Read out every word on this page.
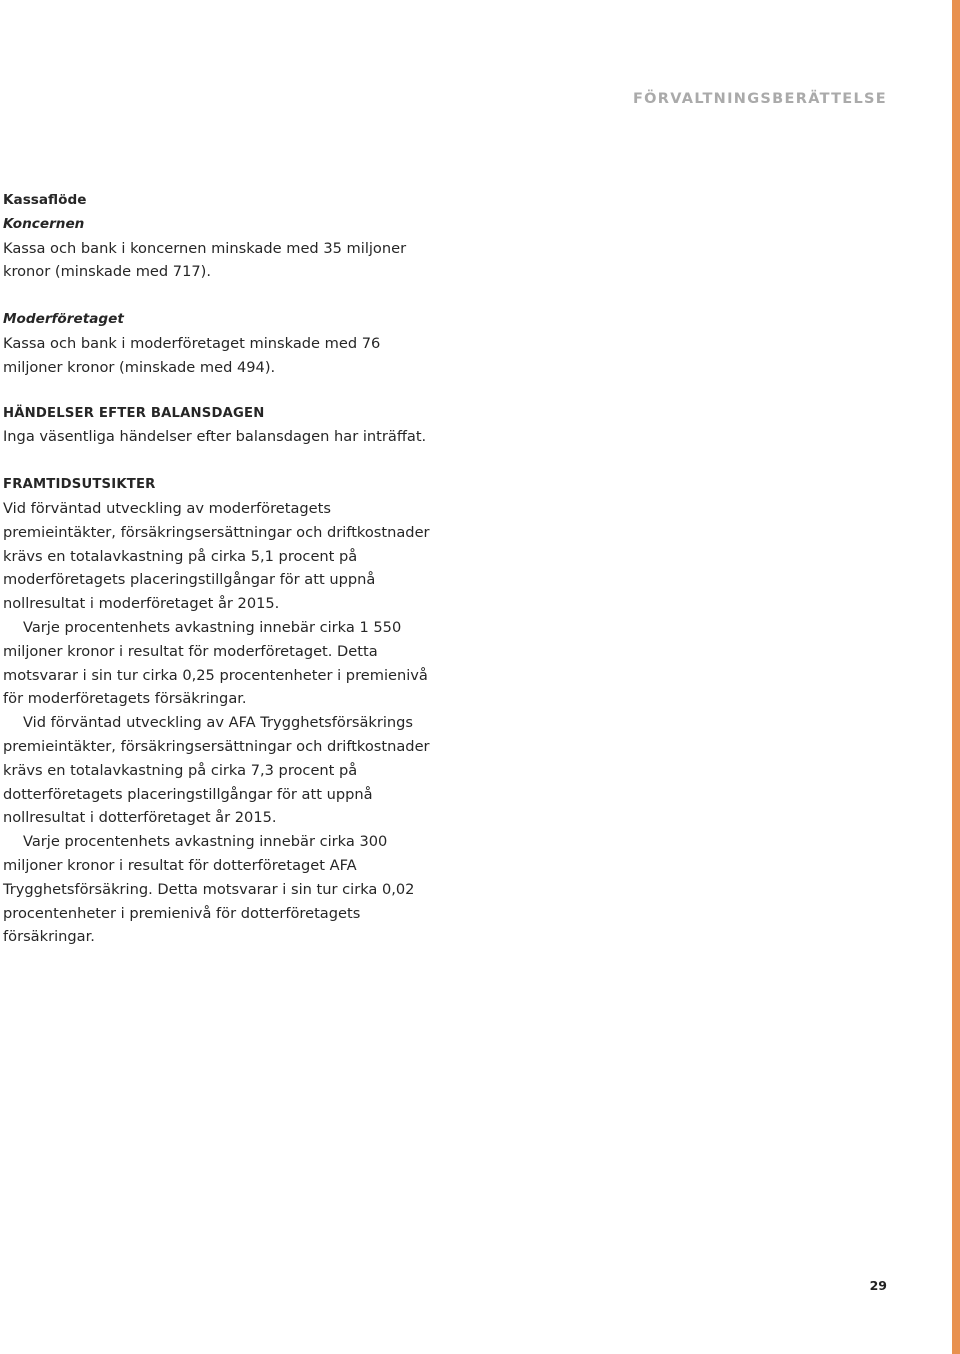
FÖRVALTNINGSBERÄTTELSE

Kassaflöde

Koncernen

Kassa och bank i koncernen minskade med 35 miljoner kronor (minskade med 717).

Moderföretaget

Kassa och bank i moderföretaget minskade med 76 miljoner kronor (minskade med 494).

HÄNDELSER EFTER BALANSDAGEN

Inga väsentliga händelser efter balansdagen har inträffat.

FRAMTIDSUTSIKTER

Vid förväntad utveckling av moderföretagets premieintäkter, försäkringsersättningar och driftkostnader krävs en totalavkastning på cirka 5,1 procent på moderföretagets placeringstillgångar för att uppnå nollresultat i moderföretaget år 2015.

Varje procentenhets avkastning innebär cirka 1 550 miljoner kronor i resultat för moderföretaget. Detta motsvarar i sin tur cirka 0,25 procentenheter i premienivå för moderföretagets försäkringar.

Vid förväntad utveckling av AFA Trygghetsförsäkrings premieintäkter, försäkringsersättningar och driftkostnader krävs en totalavkastning på cirka 7,3 procent på dotterföretagets placeringstillgångar för att uppnå nollresultat i dotterföretaget år 2015.

Varje procentenhets avkastning innebär cirka 300 miljoner kronor i resultat för dotterföretaget AFA Trygghetsförsäkring. Detta motsvarar i sin tur cirka 0,02 procentenheter i premienivå för dotterföretagets försäkringar.

29
